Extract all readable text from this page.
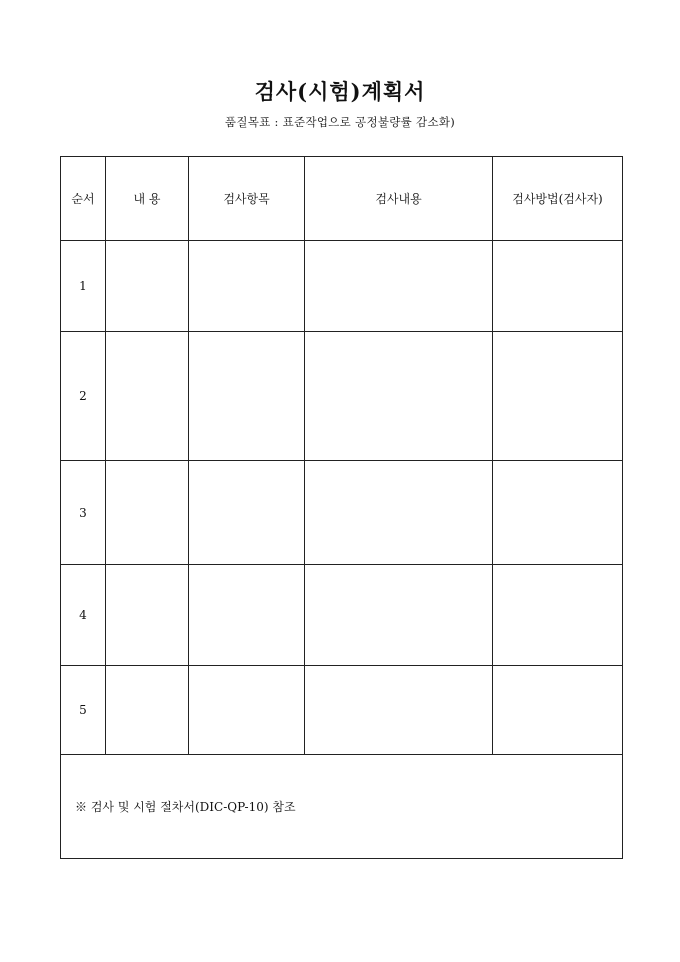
검사(시험)계획서
품질목표 : 표준작업으로 공정불량률 감소화)
순서	내 용	검사항목	검사내용	검사방법(검사자)
1				
2				
3				
4				
5				
※ 검사 및 시험 절차서(DIC-QP-10) 참조				
